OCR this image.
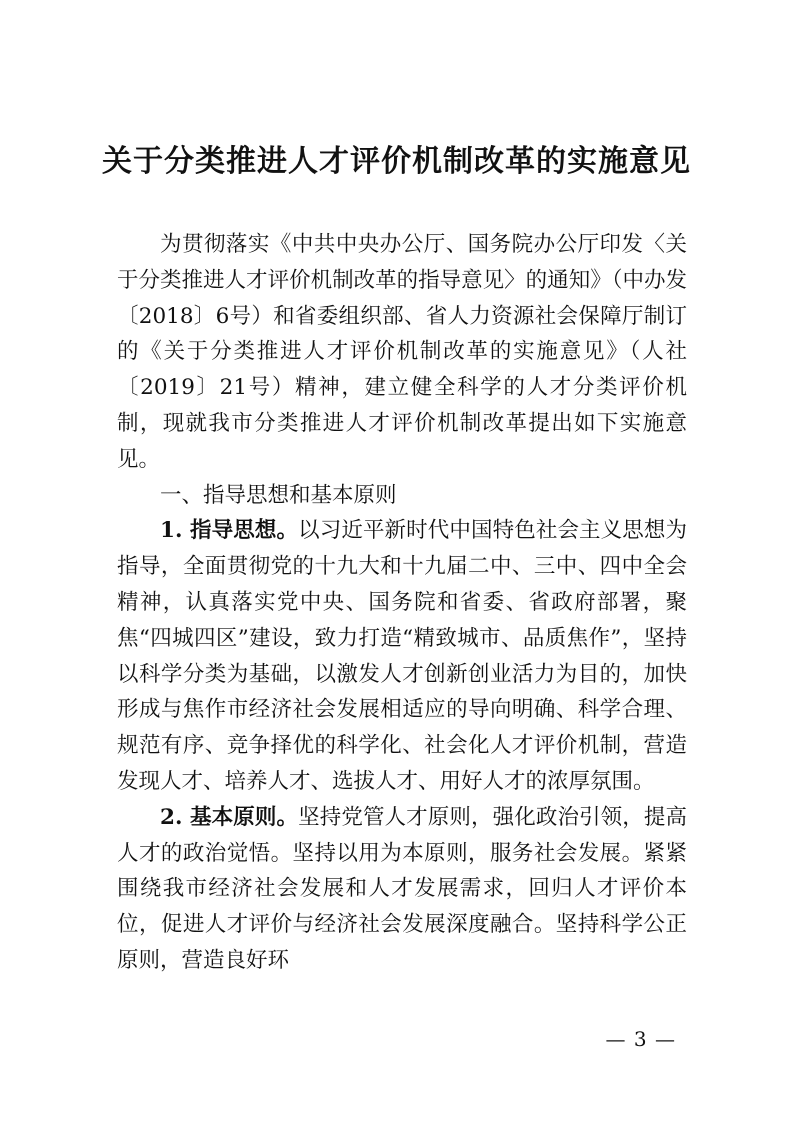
关于分类推进人才评价机制改革的实施意见

为贯彻落实《中共中央办公厅、国务院办公厅印发〈关于分类推进人才评价机制改革的指导意见〉的通知》（中办发〔2018〕6号）和省委组织部、省人力资源社会保障厅制订的《关于分类推进人才评价机制改革的实施意见》（人社〔2019〕21号）精神，建立健全科学的人才分类评价机制，现就我市分类推进人才评价机制改革提出如下实施意见。

一、指导思想和基本原则

1. 指导思想。以习近平新时代中国特色社会主义思想为指导，全面贯彻党的十九大和十九届二中、三中、四中全会精神，认真落实党中央、国务院和省委、省政府部署，聚焦“四城四区”建设，致力打造“精致城市、品质焦作”，坚持以科学分类为基础，以激发人才创新创业活力为目的，加快形成与焦作市经济社会发展相适应的导向明确、科学合理、规范有序、竞争择优的科学化、社会化人才评价机制，营造发现人才、培养人才、选拔人才、用好人才的浓厚氛围。

2. 基本原则。坚持党管人才原则，强化政治引领，提高人才的政治觉悟。坚持以用为本原则，服务社会发展。紧紧围绕我市经济社会发展和人才发展需求，回归人才评价本位，促进人才评价与经济社会发展深度融合。坚持科学公正原则，营造良好环

— 3 —
